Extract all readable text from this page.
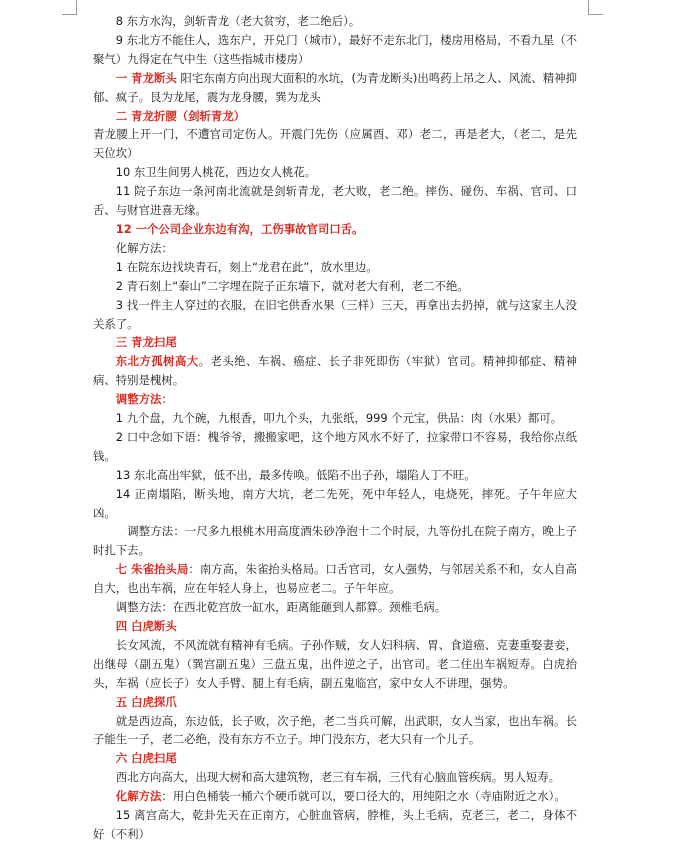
8 东方水沟，剑斩青龙（老大贫穷，老二绝后）。

9 东北方不能住人，选东户，开兑门（城市），最好不走东北门，楼房用格局，不看九星（不聚气）九得定在气中生（这些指城市楼房）

一 青龙断头 阳宅东南方向出现大面积的水坑，(为青龙断头)出鸣药上吊之人、风流、精神抑郁、疯子。艮为龙尾，震为龙身腰，巽为龙头

二 青龙折腰（剑斩青龙）

青龙腰上开一门，不遭官司定伤人。开震门先伤（应属酉、邓）老二，再是老大，（老二，是先天位坎）

10 东卫生间男人桃花，西边女人桃花。

11 院子东边一条河南北流就是剑斩青龙，老大败，老二绝。摔伤、碰伤、车祸、官司、口舌、与财官进喜无缘。

12 一个公司企业东边有沟，工伤事故官司口舌。

化解方法：

1 在院东边找块青石，刻上“龙君在此”，放水里边。

2 青石刻上“泰山”二字埋在院子正东墙下，就对老大有利，老二不绝。

3 找一件主人穿过的衣服，在旧宅供香水果（三样）三天，再拿出去扔掉，就与这家主人没关系了。

三 青龙扫尾

东北方孤树高大。老头绝、车祸、癌症、长子非死即伤（牢狱）官司。精神抑郁症、精神病、特别是槐树。

调整方法：

1 九个盘，九个碗，九根香，叩九个头，九张纸，999 个元宝，供品：肉（水果）都可。

2 口中念如下语：槐爷爷，搬搬家吧，这个地方风水不好了，拉家带口不容易，我给你点纸钱。

13 东北高出牢狱，低不出，最多传唤。低陷不出子孙，塌陷人丁不旺。

14 正南塌陷，断头地，南方大坑，老二先死，死中年轻人，电烧死，摔死。子午年应大凶。

调整方法：一尺多九根桃木用高度酒朱砂净泡十二个时辰，九等份扎在院子南方，晚上子时扎下去。

七 朱雀抬头局：南方高，朱雀抬头格局。口舌官司，女人强势，与邻居关系不和，女人自高自大，也出车祸，应在年轻人身上，也易应老二。子午年应。

调整方法：在西北乾宫放一缸水，距离能砸到人都算。颈椎毛病。

四 白虎断头

长女风流，不风流就有精神有毛病。子孙作贼，女人妇科病、胃、食道癌、克妻重娶妻妾，出继母（副五鬼）（巽宫副五鬼）三盘五鬼，出件逆之子，出官司。老二住出车祸短寿。白虎抬头，车祸（应长子）女人手臂、腿上有毛病，副五鬼临宫，家中女人不讲理，强势。

五 白虎探爪

就是西边高，东边低，长子败，次子绝，老二当兵可解，出武职，女人当家，也出车祸。长子能生一子，老二必绝，没有东方不立子。坤门没东方，老大只有一个儿子。

六 白虎扫尾

西北方向高大，出现大树和高大建筑物，老三有车祸，三代有心脑血管疾病。男人短寿。

化解方法：用白色桶装一桶六个硬币就可以，要口径大的，用纯阳之水（寺庙附近之水）。

15 离宫高大，乾卦先天在正南方，心脏血管病，脖椎，头上毛病，克老三，老二，身体不好（不利）
